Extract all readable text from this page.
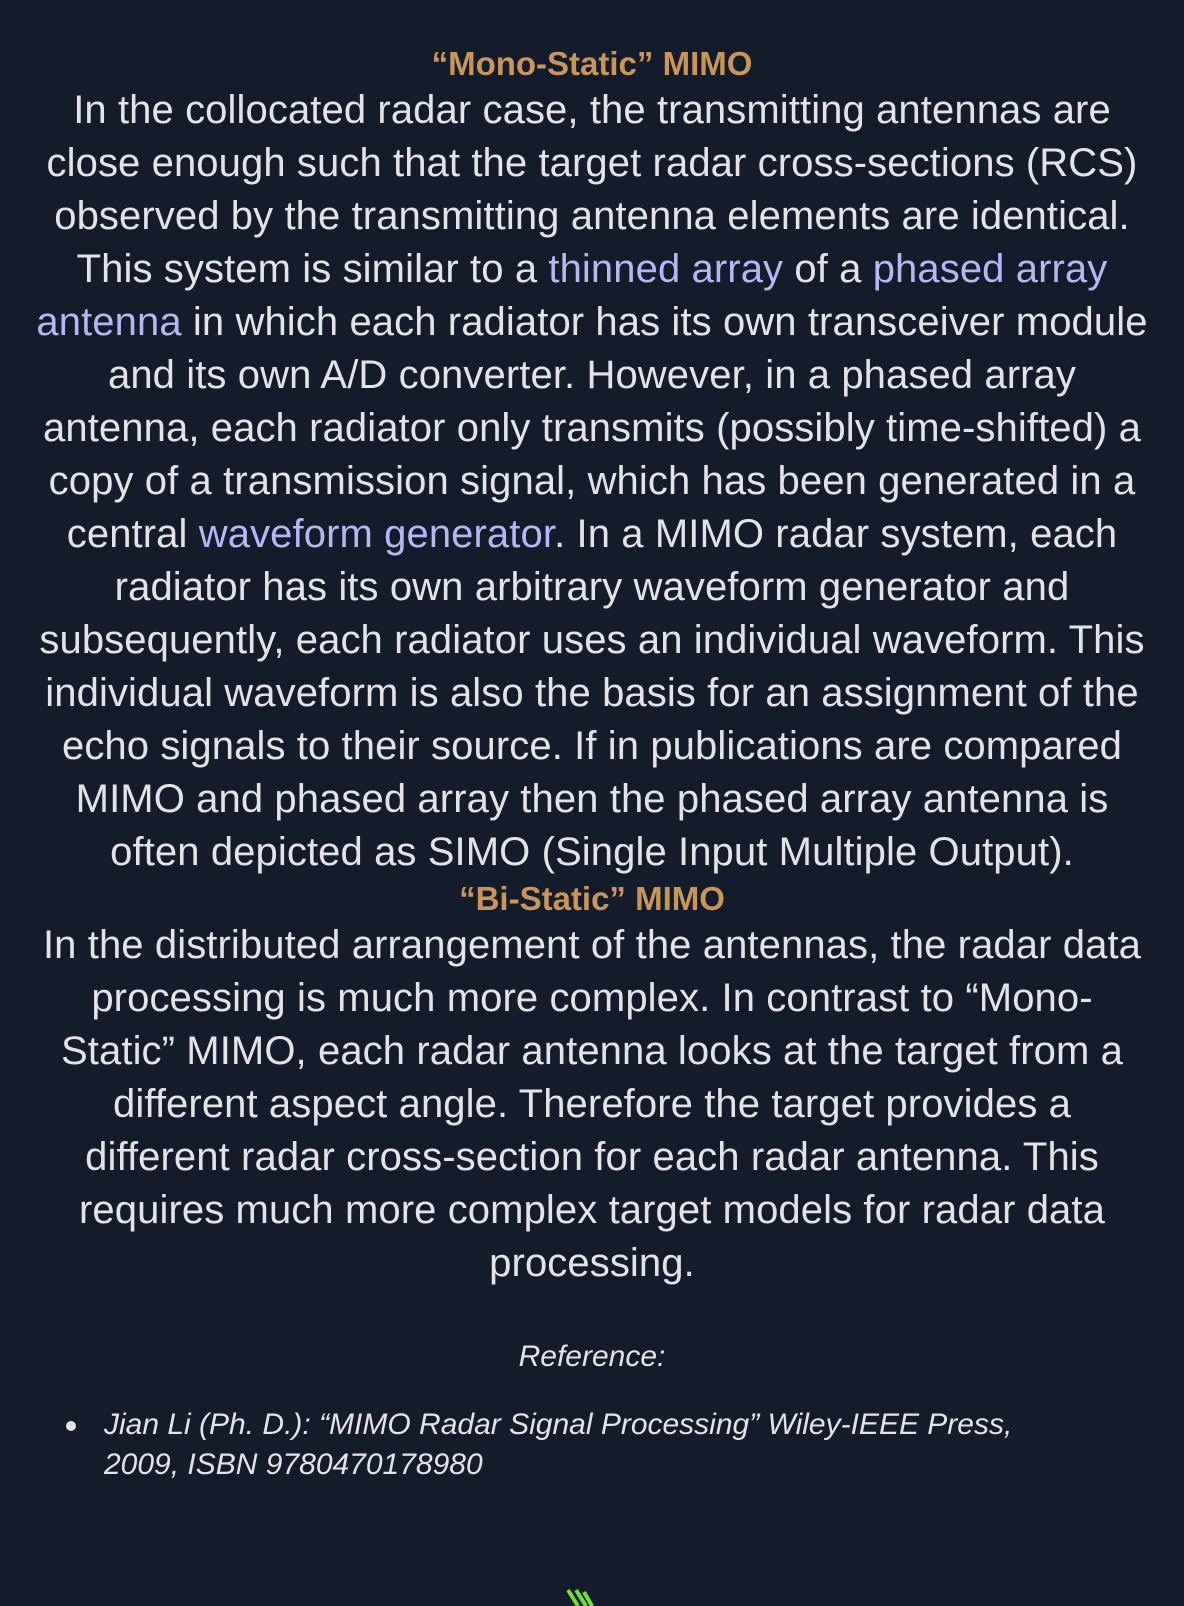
“Mono-Static” MIMO

In the collocated radar case, the transmitting antennas are close enough such that the target radar cross-sections (RCS) observed by the transmitting antenna elements are identical. This system is similar to a thinned array of a phased array antenna in which each radiator has its own transceiver module and its own A/D converter. However, in a phased array antenna, each radiator only transmits (possibly time-shifted) a copy of a transmission signal, which has been generated in a central waveform generator. In a MIMO radar system, each radiator has its own arbitrary waveform generator and subsequently, each radiator uses an individual waveform. This individual waveform is also the basis for an assignment of the echo signals to their source. If in publications are compared MIMO and phased array then the phased array antenna is often depicted as SIMO (Single Input Multiple Output).

“Bi-Static” MIMO

In the distributed arrangement of the antennas, the radar data processing is much more complex. In contrast to “Mono-Static” MIMO, each radar antenna looks at the target from a different aspect angle. Therefore the target provides a different radar cross-section for each radar antenna. This requires much more complex target models for radar data processing.

Reference:

Jian Li (Ph. D.): “MIMO Radar Signal Processing” Wiley-IEEE Press, 2009, ISBN 9780470178980
